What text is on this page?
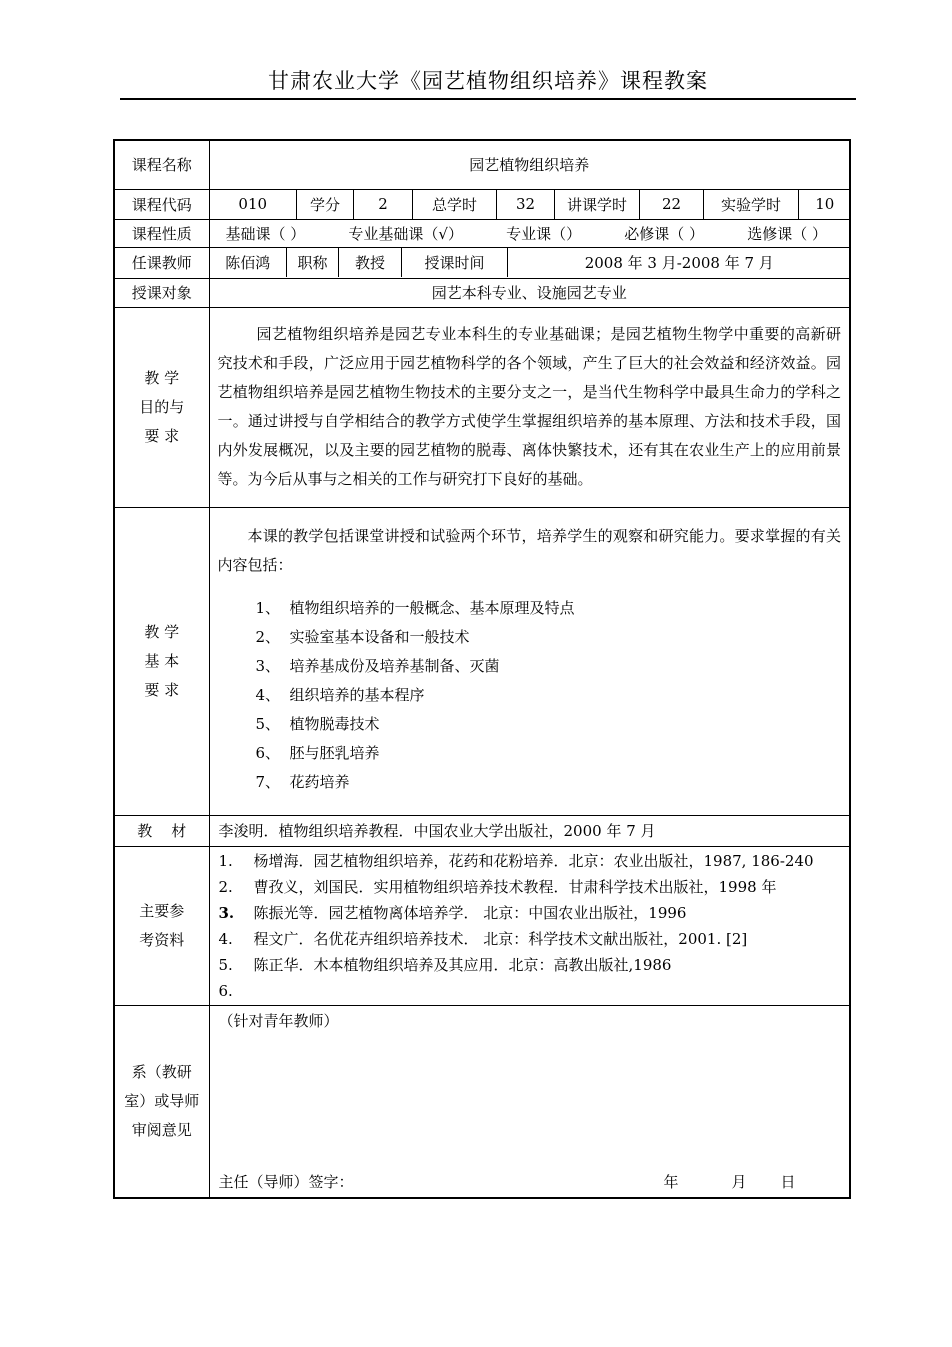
甘肃农业大学《园艺植物组织培养》课程教案
课程名称	园艺植物组织培养
课程代码		010	学分	2	总学时	32	讲课学时	22	实验学时	10

课程性质	基础课（ ）	专业基础课（√）	专业课（）	必修课（ ）	选修课（ ）

任课教师	陈佰鸿	职称	教授	授课时间	2008 年 3 月-2008 年 7 月

授课对象	园艺本科专业、设施园艺专业

教 学
目的与
要 求

园艺植物组织培养是园艺专业本科生的专业基础课；是园艺植物生物学中重要的高新研究技术和手段，广泛应用于园艺植物科学的各个领域，产生了巨大的社会效益和经济效益。园艺植物组织培养是园艺植物生物技术的主要分支之一，是当代生物科学中最具生命力的学科之一。通过讲授与自学相结合的教学方式使学生掌握组织培养的基本原理、方法和技术手段，国内外发展概况，以及主要的园艺植物的脱毒、离体快繁技术，还有其在农业生产上的应用前景等。为今后从事与之相关的工作与研究打下良好的基础。

教 学
基 本
要 求

本课的教学包括课堂讲授和试验两个环节，培养学生的观察和研究能力。要求掌握的有关内容包括：
1、 植物组织培养的一般概念、基本原理及特点
2、 实验室基本设备和一般技术
3、 培养基成份及培养基制备、灭菌
4、 组织培养的基本程序
5、 植物脱毒技术
6、 胚与胚乳培养
7、 花药培养

教    材	李浚明．植物组织培养教程．中国农业大学出版社，2000 年 7 月

主要参
考资料

1.	杨增海．园艺植物组织培养，花药和花粉培养．北京：农业出版社，1987, 186-240
2.	曹孜义，刘国民．实用植物组织培养技术教程．甘肃科学技术出版社，1998 年
3.	陈振光等．园艺植物离体培养学． 北京：中国农业出版社，1996
4.	程文广．名优花卉组织培养技术． 北京：科学技术文献出版社，2001. [2]
5.	陈正华．木本植物组织培养及其应用．北京：高教出版社,1986
6.

系（教研
室）或导师
审阅意见

（针对青年教师）
主任（导师）签字：	年	月 日
